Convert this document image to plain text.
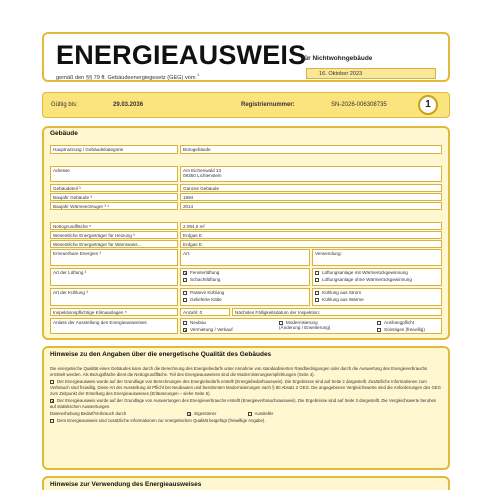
ENERGIEAUSWEIS
für Nichtwohngebäude
gemäß den §§ 79 ff. Gebäudeenergiegesetz (GEG) vom $^1$	16. Oktober 2023
Gültig bis:	29.03.2036	Registriernummer:	SN-2026-006308735	1
Gebäude
Hauptnutzung / Gebäudekategorie	Bürogebäude
Adresse	Am Eichenwald 13
09350 Lichtenstein
Gebäudeteil ³	Ganzes Gebäude
Baujahr Gebäude ³	1994
Baujahr Wärmeerzeuger ³ ⁴	2014
Nettogrundfläche ⁵	2.094,0 m²
Wesentliche Energieträger für Heizung ³	Erdgas E
Wesentliche Energieträger für Warmwass...	Erdgas E
Erneuerbare Energien ³	Art:	Verwendung:
Art der Lüftung ³	✕ Fensterlüftung
Schachtlüftung
Lüftungsanlage mit Wärmerückgewinnung
Lüftungsanlage ohne Wärmerückgewinnung
Art der Kühlung ³	Passive Kühlung
Gelieferte Kälte
Kühlung aus Strom
Kühlung aus Wärme
Inspektionspflichtige Klimaanlagen ⁵	Anzahl: 0	Nächstes Fälligkeitsdatum der Inspektion:
Anlass der Ausstellung des Energieausweises	Neubau
✕ Vermietung / Verkauf
Modernisierung (Änderung / Erweiterung)
Aushangpflicht
Sonstiges (freiwillig)
Hinweise zu den Angaben über die energetische Qualität des Gebäudes

Die energetische Qualität eines Gebäudes kann durch die Berechnung des Energiebedarfs unter Annahme von standardisierten Randbedingungen oder durch die Auswertung des Energieverbrauchs ermittelt werden. Als Bezugsfläche dient die Nettogrundfläche. Teil des Energieausweises sind die Modernisierungsempfehlungen (Seite 4).

Der Energieausweis wurde auf der Grundlage von Berechnungen des Energiebedarfs erstellt (Energiebedarfsausweis). Die Ergebnisse sind auf Seite 2 dargestellt. Zusätzliche Informationen zum Verbrauch sind freiwillig. Diese Art der Ausstellung ist Pflicht bei Neubauten und bestimmten Modernisierungen nach § 80 Absatz 2 GEG. Die angegebenen Vergleichswerte sind die Anforderungen des GEG zum Zeitpunkt der Erstellung des Energieausweises (Erläuterungen – siehe Seite 5).

✕ Der Energieausweis wurde auf der Grundlage von Auswertungen des Energieverbrauchs erstellt (Energieverbrauchsausweis). Die Ergebnisse sind auf Seite 3 dargestellt. Die Vergleichswerte beruhen auf statistischen Auswertungen.

Datenerhebung Bedarf/Verbrauch durch	✕ Eigentümer	Aussteller

Dem Energieausweis sind zusätzliche Informationen zur energetischen Qualität beigefügt (freiwillige Angabe).

Hinweise zur Verwendung des Energieausweises
